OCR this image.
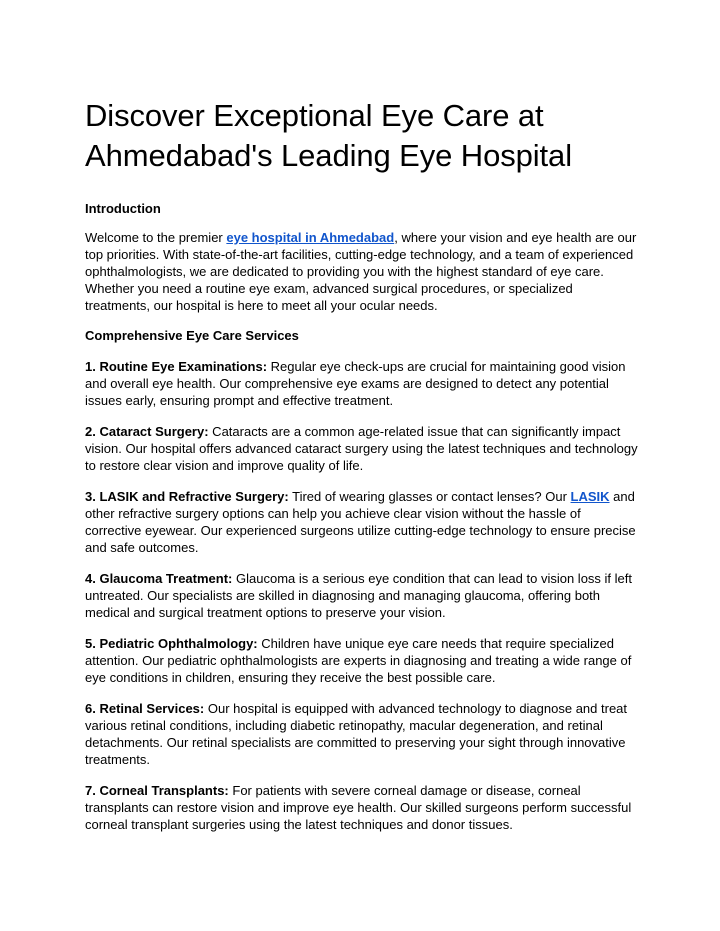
Discover Exceptional Eye Care at Ahmedabad's Leading Eye Hospital
Introduction

Welcome to the premier eye hospital in Ahmedabad, where your vision and eye health are our top priorities. With state-of-the-art facilities, cutting-edge technology, and a team of experienced ophthalmologists, we are dedicated to providing you with the highest standard of eye care. Whether you need a routine eye exam, advanced surgical procedures, or specialized treatments, our hospital is here to meet all your ocular needs.

Comprehensive Eye Care Services

1. Routine Eye Examinations: Regular eye check-ups are crucial for maintaining good vision and overall eye health. Our comprehensive eye exams are designed to detect any potential issues early, ensuring prompt and effective treatment.

2. Cataract Surgery: Cataracts are a common age-related issue that can significantly impact vision. Our hospital offers advanced cataract surgery using the latest techniques and technology to restore clear vision and improve quality of life.

3. LASIK and Refractive Surgery: Tired of wearing glasses or contact lenses? Our LASIK and other refractive surgery options can help you achieve clear vision without the hassle of corrective eyewear. Our experienced surgeons utilize cutting-edge technology to ensure precise and safe outcomes.

4. Glaucoma Treatment: Glaucoma is a serious eye condition that can lead to vision loss if left untreated. Our specialists are skilled in diagnosing and managing glaucoma, offering both medical and surgical treatment options to preserve your vision.

5. Pediatric Ophthalmology: Children have unique eye care needs that require specialized attention. Our pediatric ophthalmologists are experts in diagnosing and treating a wide range of eye conditions in children, ensuring they receive the best possible care.

6. Retinal Services: Our hospital is equipped with advanced technology to diagnose and treat various retinal conditions, including diabetic retinopathy, macular degeneration, and retinal detachments. Our retinal specialists are committed to preserving your sight through innovative treatments.

7. Corneal Transplants: For patients with severe corneal damage or disease, corneal transplants can restore vision and improve eye health. Our skilled surgeons perform successful corneal transplant surgeries using the latest techniques and donor tissues.
